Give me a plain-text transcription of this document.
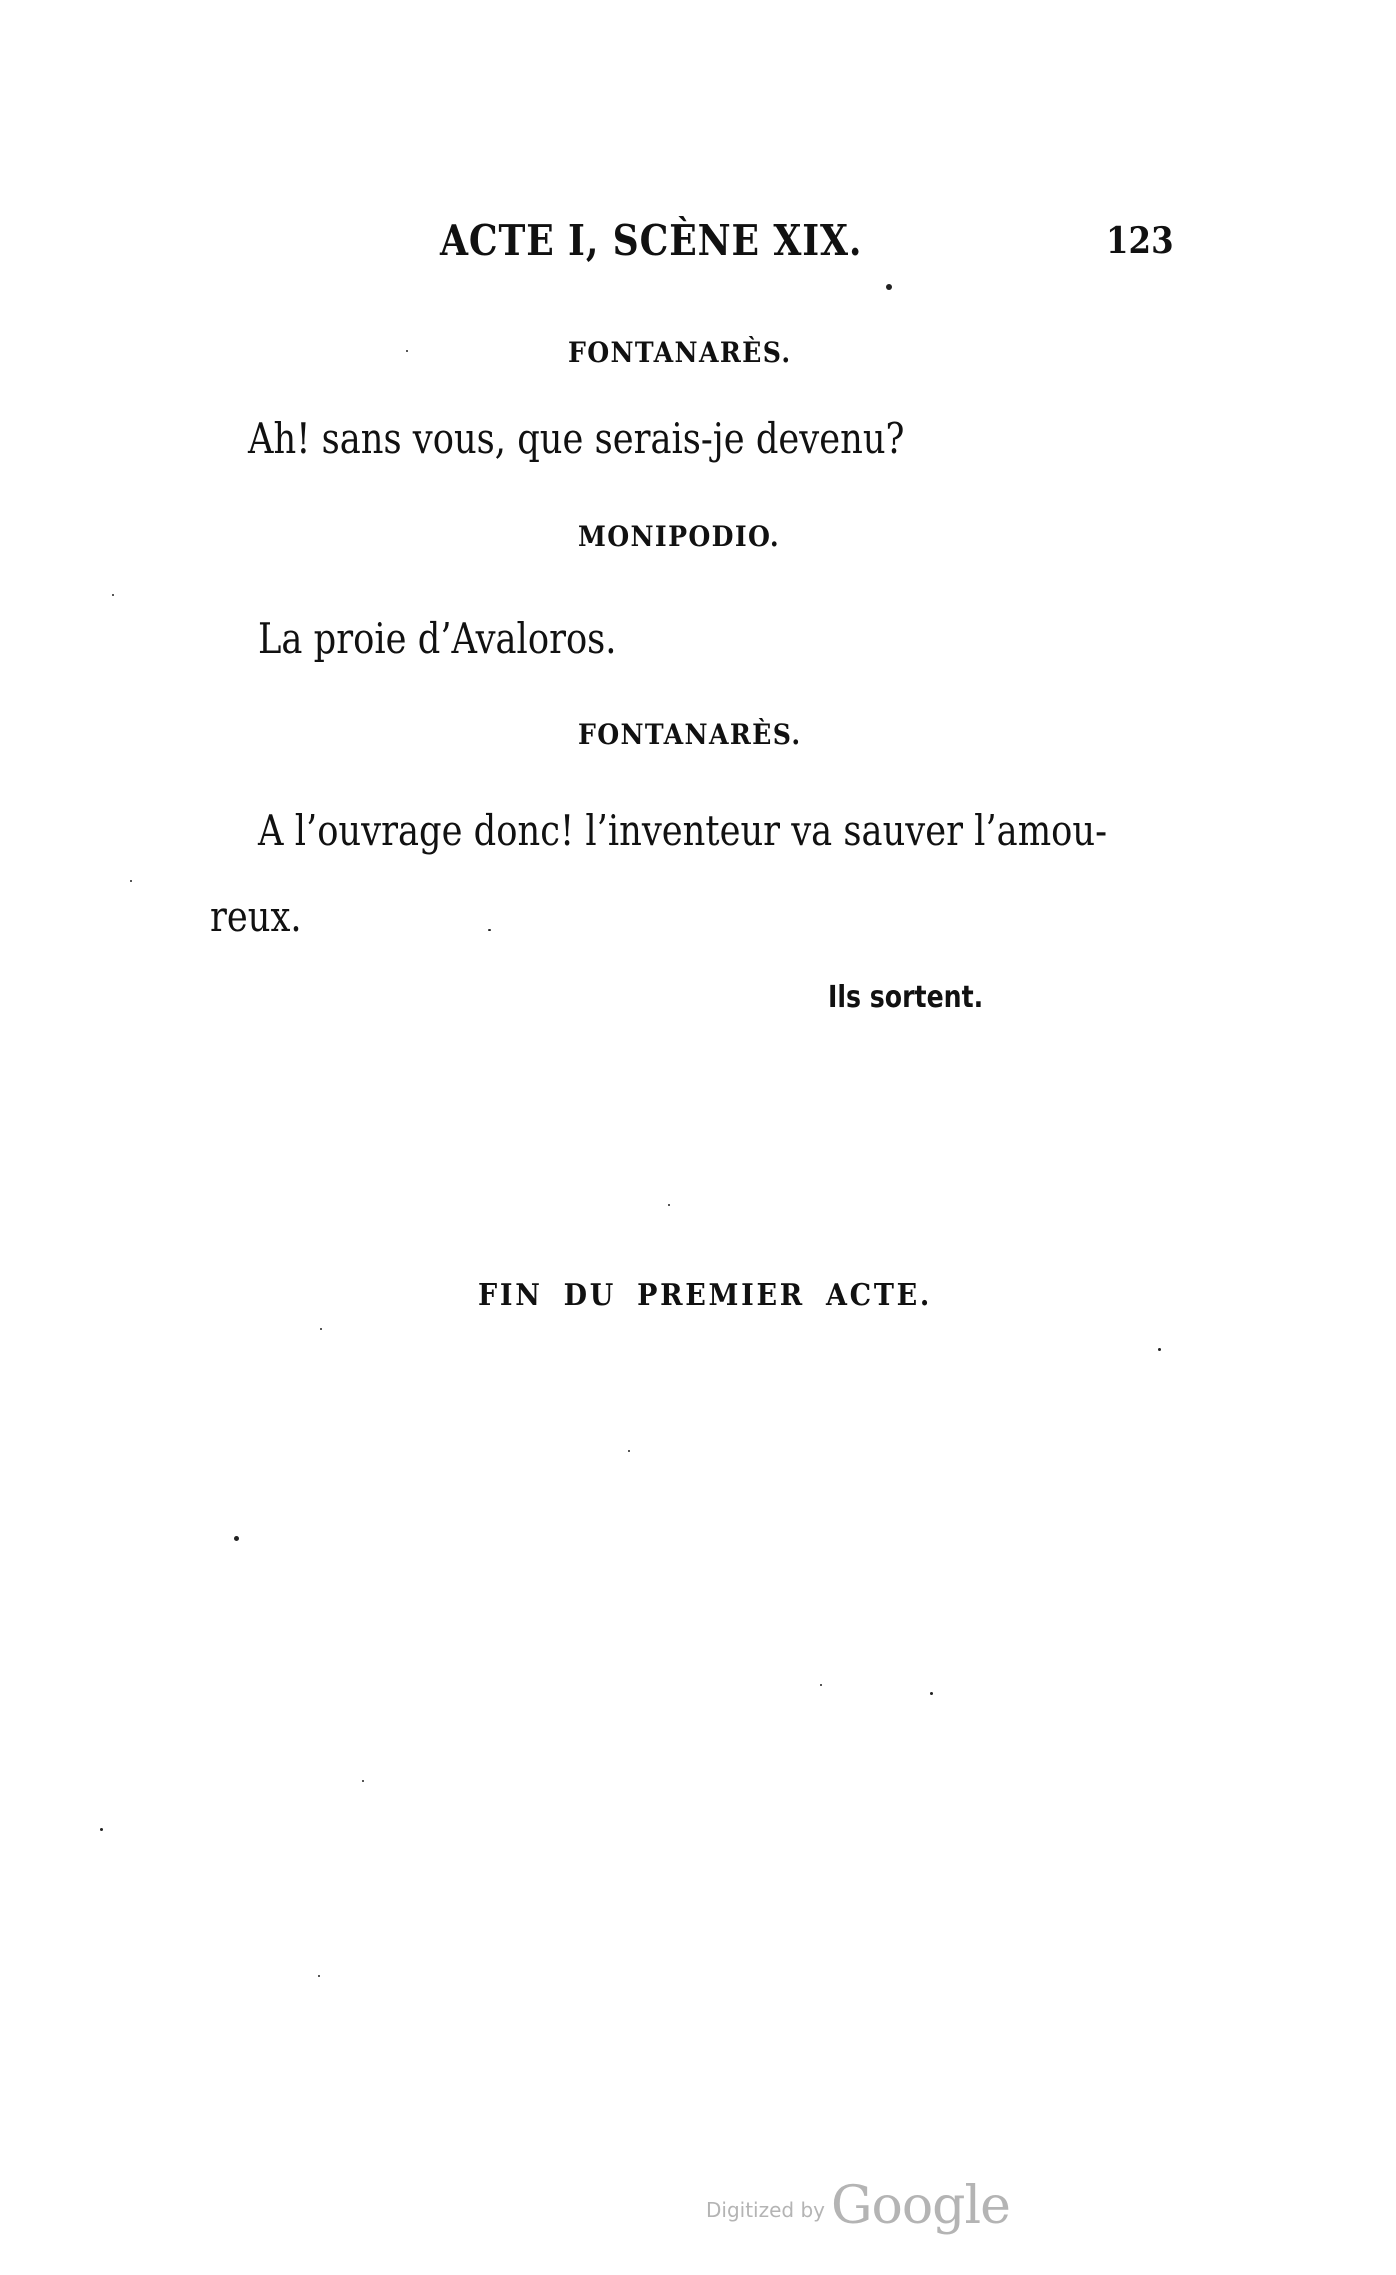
ACTE I, SCÈNE XIX.	123
FONTANARÈS.
Ah! sans vous, que serais-je devenu?
MONIPODIO.
La proie d’Avaloros.
FONTANARÈS.
A l’ouvrage donc! l’inventeur va sauver l’amou-
reux.
Ils sortent.
FIN DU PREMIER ACTE.
Digitized by Google
